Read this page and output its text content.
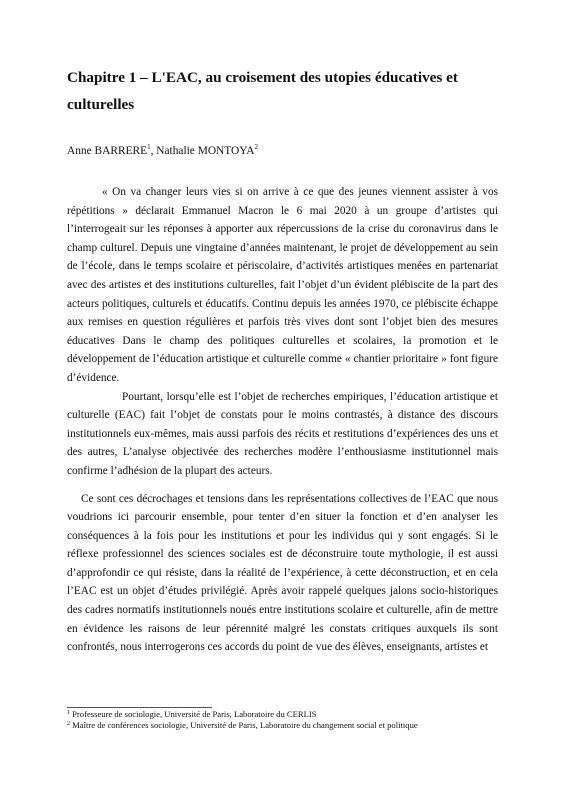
Chapitre 1 – L'EAC, au croisement des utopies éducatives et culturelles

Anne BARRERE$^1$, Nathalie MONTOYA$^2$

« On va changer leurs vies si on arrive à ce que des jeunes viennent assister à vos répétitions » déclarait Emmanuel Macron le 6 mai 2020 à un groupe d’artistes qui l’interrogeait sur les réponses à apporter aux répercussions de la crise du coronavirus dans le champ culturel. Depuis une vingtaine d’années maintenant, le projet de développement au sein de l’école, dans le temps scolaire et périscolaire, d’activités artistiques menées en partenariat avec des artistes et des institutions culturelles, fait l’objet d’un évident plébiscite de la part des acteurs politiques, culturels et éducatifs. Continu depuis les années 1970, ce plébiscite échappe aux remises en question régulières et parfois très vives dont sont l’objet bien des mesures éducatives Dans le champ des politiques culturelles et scolaires, la promotion et le développement de l’éducation artistique et culturelle comme « chantier prioritaire » font figure d’évidence.

Pourtant, lorsqu’elle est l’objet de recherches empiriques, l’éducation artistique et culturelle (EAC) fait l’objet de constats pour le moins contrastés, à distance des discours institutionnels eux-mêmes, mais aussi parfois des récits et restitutions d’expériences des uns et des autres, L’analyse objectivée des recherches modère l’enthousiasme institutionnel mais confirme l’adhésion de la plupart des acteurs.

Ce sont ces décrochages et tensions dans les représentations collectives de l’EAC que nous voudrions ici parcourir ensemble, pour tenter d’en situer la fonction et d’en analyser les conséquences à la fois pour les institutions et pour les individus qui y sont engagés. Si le réflexe professionnel des sciences sociales est de déconstruire toute mythologie, il est aussi d’approfondir ce qui résiste, dans la réalité de l’expérience, à cette déconstruction, et en cela l’EAC est un objet d’études privilégié. Après avoir rappelé quelques jalons socio-historiques des cadres normatifs institutionnels noués entre institutions scolaire et culturelle, afin de mettre en évidence les raisons de leur pérennité malgré les constats critiques auxquels ils sont confrontés, nous interrogerons ces accords du point de vue des élèves, enseignants, artistes et

$^1$ Professeure de sociologie, Université de Paris, Laboratoire du CERLIS
$^2$ Maître de conférences sociologie, Université de Paris, Laboratoire du changement social et politique
